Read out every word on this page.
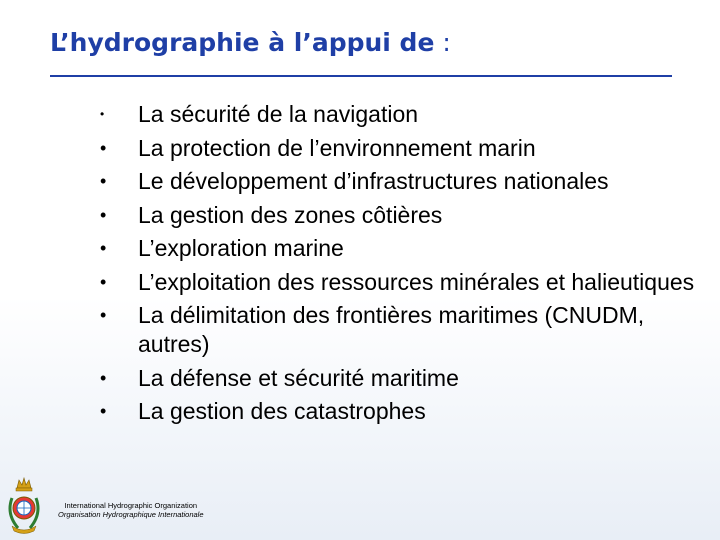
L’hydrographie à l’appui de :
• La sécurité de la navigation
• La protection de l’environnement marin
• Le développement d’infrastructures nationales
• La gestion des zones côtières
• L’exploration marine
• L’exploitation des ressources minérales et halieutiques
• La délimitation des frontières maritimes (CNUDM, autres)
• La défense et sécurité maritime
• La gestion des catastrophes
International Hydrographic Organization
Organisation Hydrographique Internationale
